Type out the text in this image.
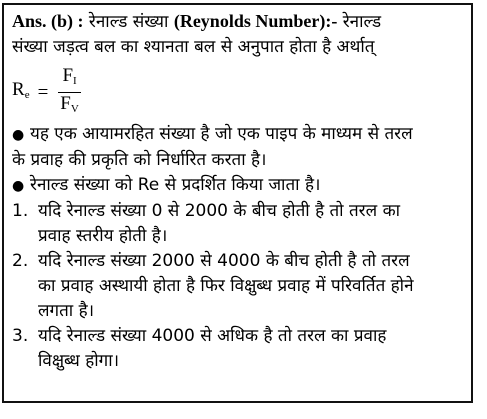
Ans. (b) : रेनाल्ड संख्या (Reynolds Number):- रेनाल्ड
संख्या जड़त्व बल का श्यानता बल से अनुपात होता है अर्थात्
$R_e = \frac{F_I}{F_V}$
● यह एक आयामरहित संख्या है जो एक पाइप के माध्यम से तरल
के प्रवाह की प्रकृति को निर्धारित करता है।
● रेनाल्ड संख्या को Re से प्रदर्शित किया जाता है।
1. यदि रेनाल्ड संख्या 0 से 2000 के बीच होती है तो तरल का
प्रवाह स्तरीय होती है।
2. यदि रेनाल्ड संख्या 2000 से 4000 के बीच होती है तो तरल
का प्रवाह अस्थायी होता है फिर विक्षुब्ध प्रवाह में परिवर्तित होने
लगता है।
3. यदि रेनाल्ड संख्या 4000 से अधिक है तो तरल का प्रवाह
विक्षुब्ध होगा।
